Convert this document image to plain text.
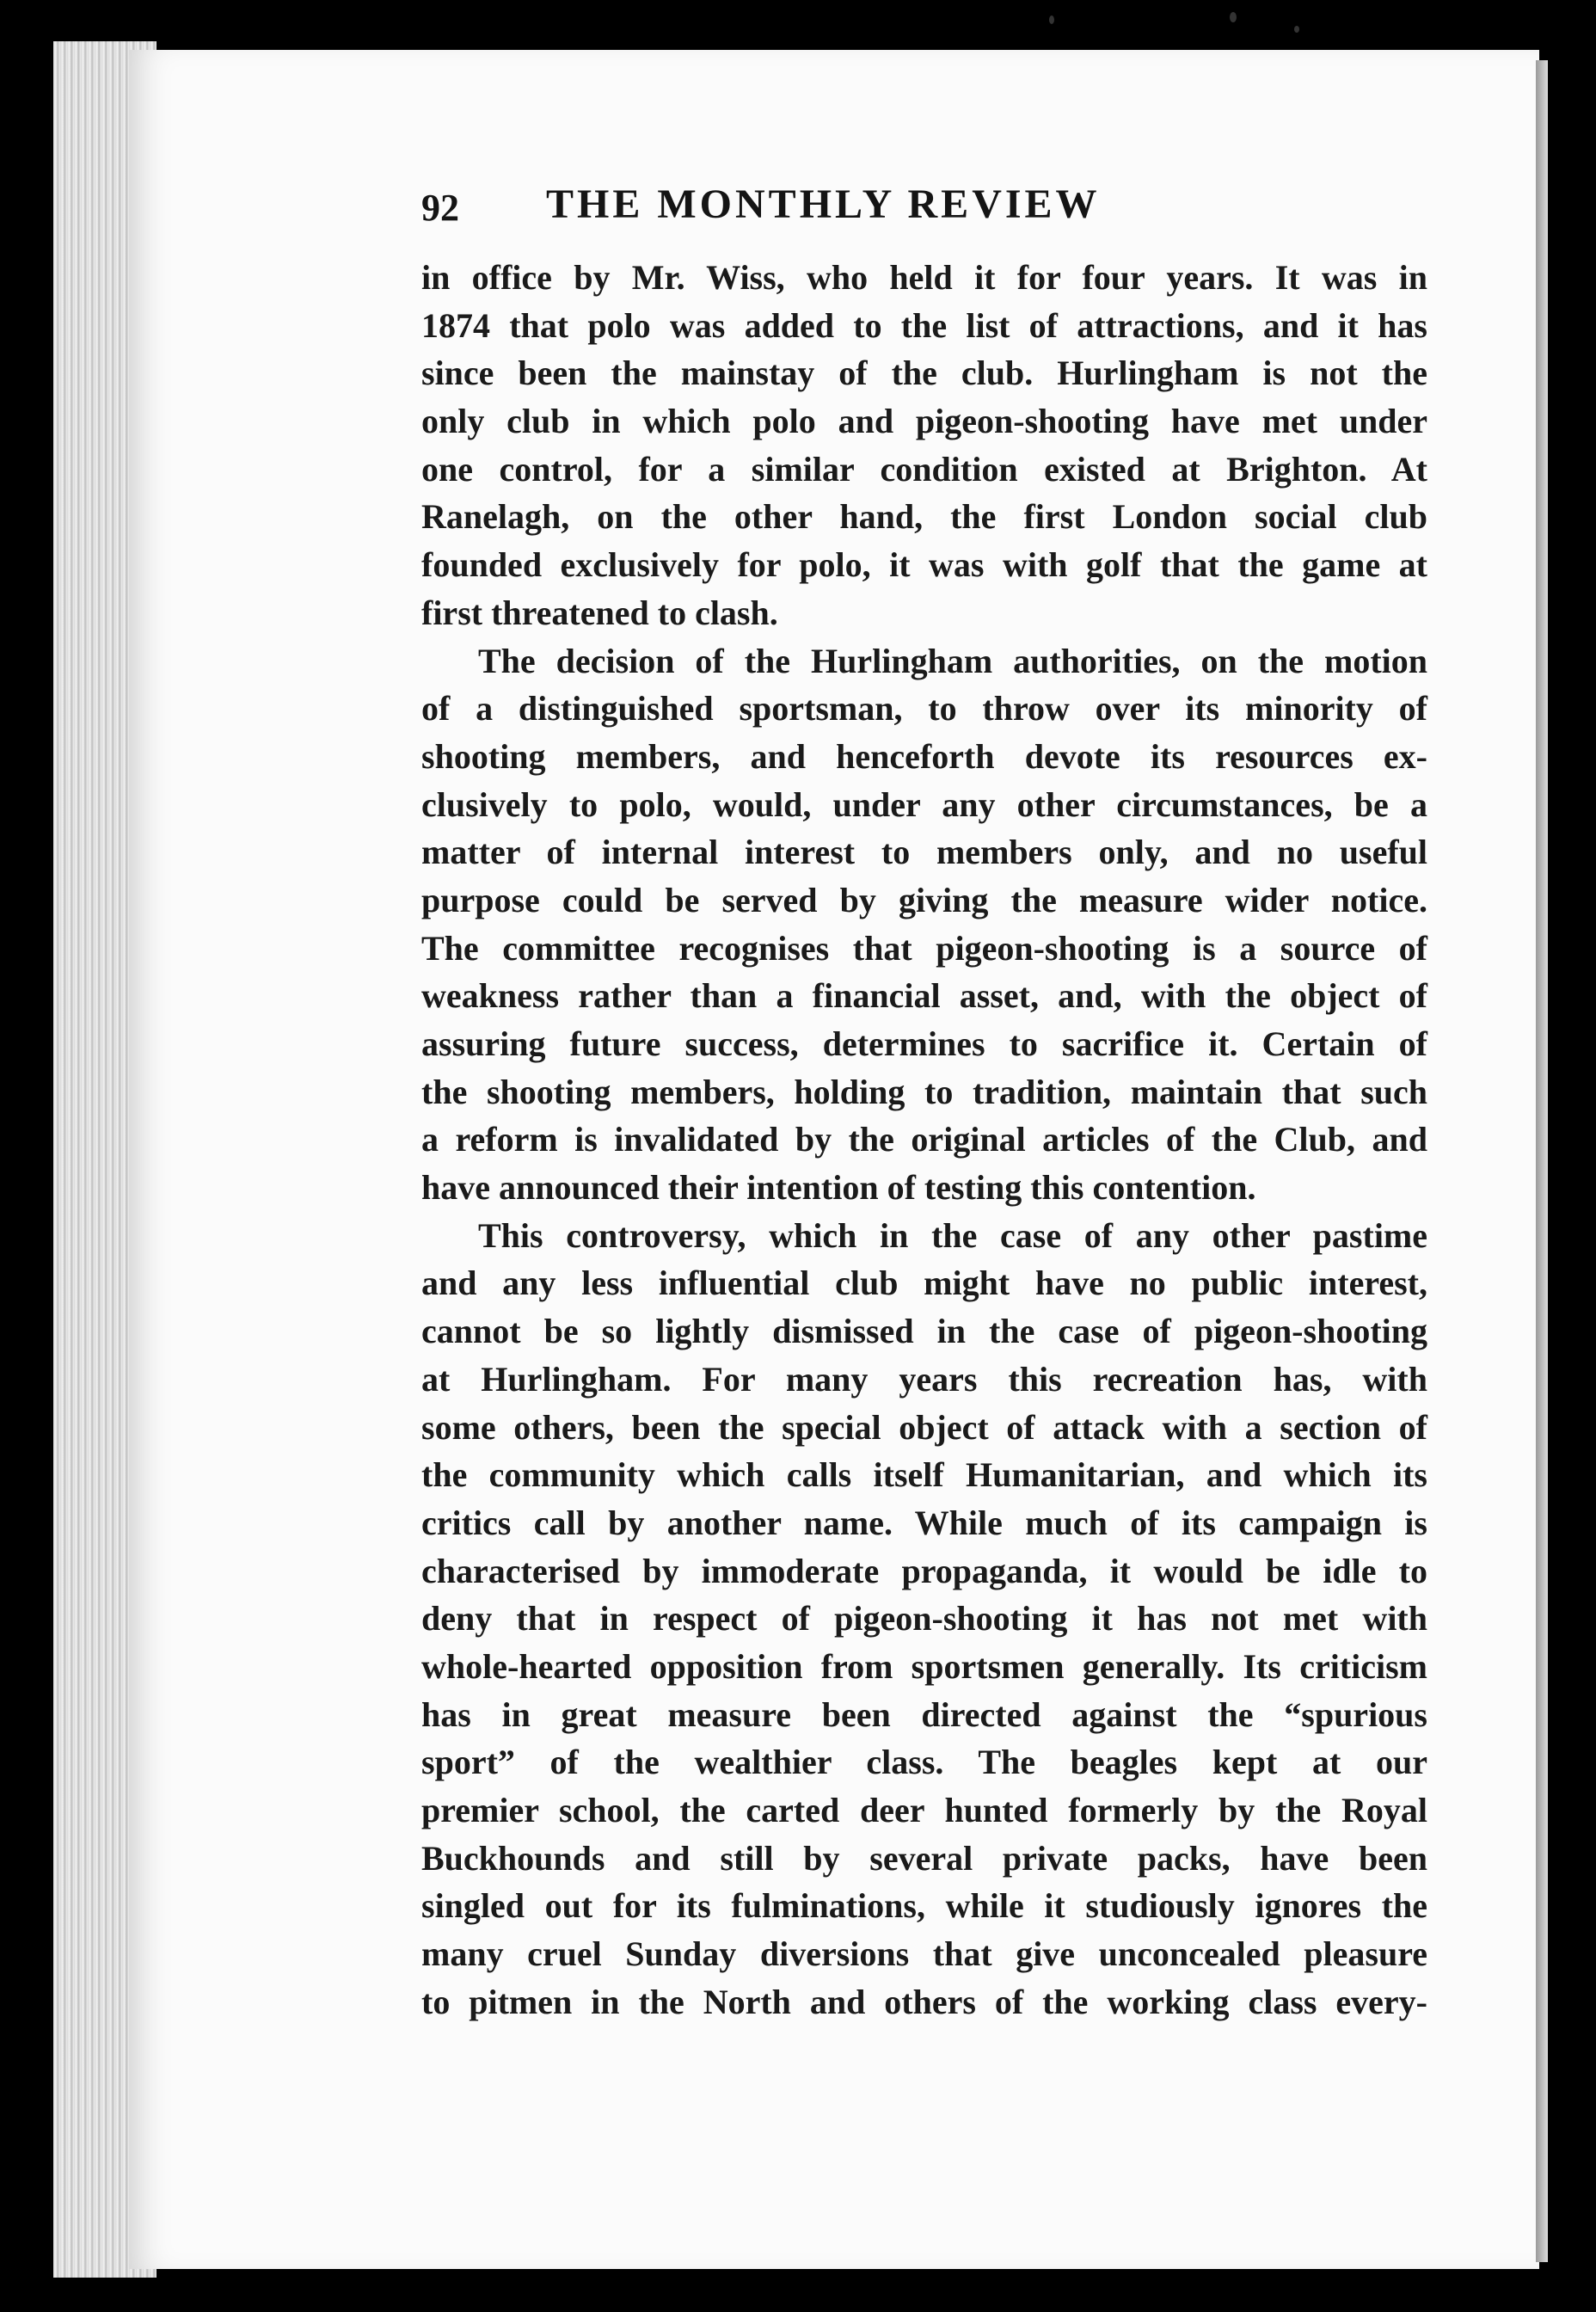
92 THE MONTHLY REVIEW
in office by Mr. Wiss, who held it for four years. It was in
1874 that polo was added to the list of attractions, and it has
since been the mainstay of the club. Hurlingham is not the
only club in which polo and pigeon-shooting have met under
one control, for a similar condition existed at Brighton. At
Ranelagh, on the other hand, the first London social club
founded exclusively for polo, it was with golf that the game at
first threatened to clash.
The decision of the Hurlingham authorities, on the motion
of a distinguished sportsman, to throw over its minority of
shooting members, and henceforth devote its resources ex-
clusively to polo, would, under any other circumstances, be a
matter of internal interest to members only, and no useful
purpose could be served by giving the measure wider notice.
The committee recognises that pigeon-shooting is a source of
weakness rather than a financial asset, and, with the object of
assuring future success, determines to sacrifice it. Certain of
the shooting members, holding to tradition, maintain that such
a reform is invalidated by the original articles of the Club, and
have announced their intention of testing this contention.
This controversy, which in the case of any other pastime
and any less influential club might have no public interest,
cannot be so lightly dismissed in the case of pigeon-shooting
at Hurlingham. For many years this recreation has, with
some others, been the special object of attack with a section of
the community which calls itself Humanitarian, and which its
critics call by another name. While much of its campaign is
characterised by immoderate propaganda, it would be idle to
deny that in respect of pigeon-shooting it has not met with
whole-hearted opposition from sportsmen generally. Its criticism
has in great measure been directed against the “spurious
sport” of the wealthier class. The beagles kept at our
premier school, the carted deer hunted formerly by the Royal
Buckhounds and still by several private packs, have been
singled out for its fulminations, while it studiously ignores the
many cruel Sunday diversions that give unconcealed pleasure
to pitmen in the North and others of the working class every-
